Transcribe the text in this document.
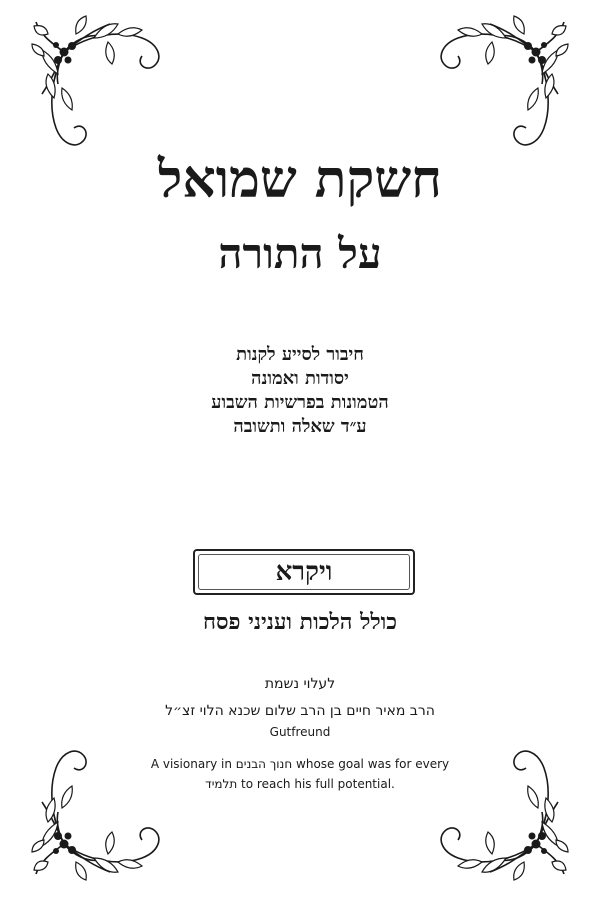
חשקת שמואל
על התורה
חיבור לסייע לקנות
יסודות ואמונה
הטמונות בפרשיות השבוע
ע״ד שאלה ותשובה
ויקרא
כולל הלכות ועניני פסח
לעלוי נשמת
הרב מאיר חיים בן הרב שלום שכנא הלוי זצ״ל
Gutfreund
A visionary in חנוך הבנים whose goal was for every
תלמיד to reach his full potential.
